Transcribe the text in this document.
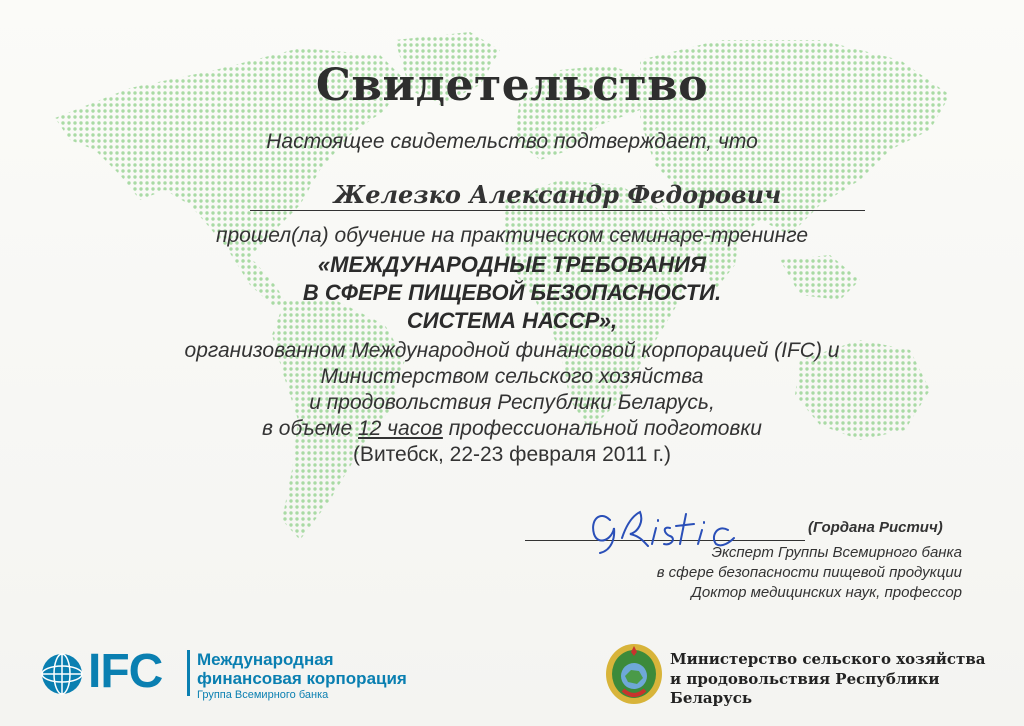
Свидетельство
Настоящее свидетельство подтверждает, что
Железко Александр Федорович
прошел(ла) обучение на практическом семинаре-тренинге
«МЕЖДУНАРОДНЫЕ ТРЕБОВАНИЯ
В СФЕРЕ ПИЩЕВОЙ БЕЗОПАСНОСТИ.
СИСТЕМА НАССР»,
организованном Международной финансовой корпорацией (IFC) и
Министерством сельского хозяйства
и продовольствия Республики Беларусь,
в объеме 12 часов профессиональной подготовки
(Витебск, 22-23 февраля 2011 г.)
(Гордана Ристич)
Эксперт Группы Всемирного банка
в сфере безопасности пищевой продукции
Доктор медицинских наук, профессор
IFC Международная
финансовая корпорация
Группа Всемирного банка
Министерство сельского хозяйства
и продовольствия Республики Беларусь
